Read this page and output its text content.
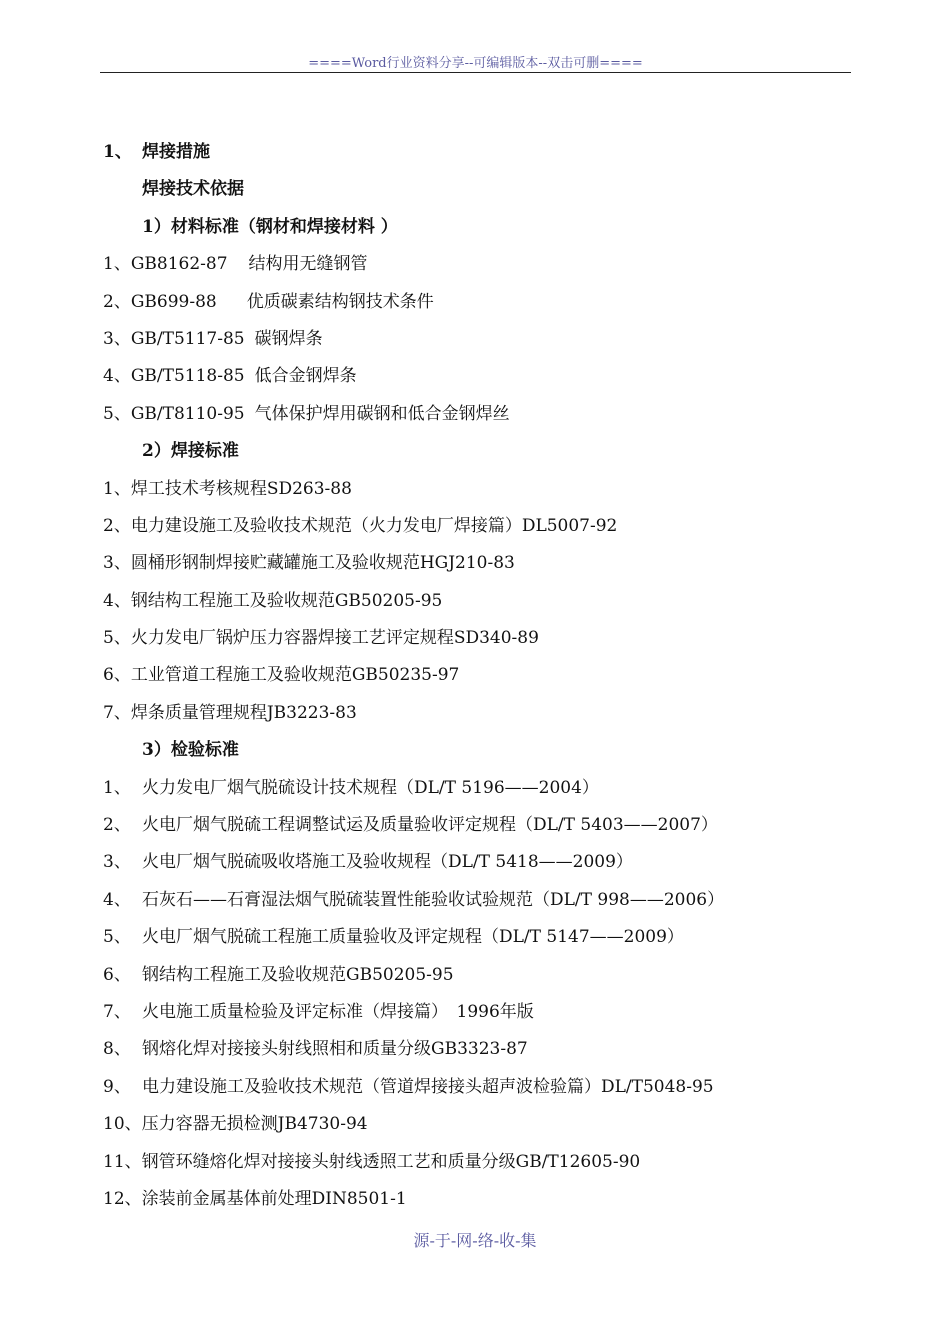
====Word行业资料分享--可编辑版本--双击可删====
1、 焊接措施
焊接技术依据
1）材料标准（钢材和焊接材料 ）
1、GB8162-87 结构用无缝钢管
2、GB699-88 优质碳素结构钢技术条件
3、GB/T5117-85 碳钢焊条
4、GB/T5118-85 低合金钢焊条
5、GB/T8110-95 气体保护焊用碳钢和低合金钢焊丝
2）焊接标准
1、焊工技术考核规程SD263-88
2、电力建设施工及验收技术规范（火力发电厂焊接篇）DL5007-92
3、圆桶形钢制焊接贮藏罐施工及验收规范HGJ210-83
4、钢结构工程施工及验收规范GB50205-95
5、火力发电厂锅炉压力容器焊接工艺评定规程SD340-89
6、工业管道工程施工及验收规范GB50235-97
7、焊条质量管理规程JB3223-83
3）检验标准
1、 火力发电厂烟气脱硫设计技术规程（DL/T 5196——2004）
2、 火电厂烟气脱硫工程调整试运及质量验收评定规程（DL/T 5403——2007）
3、 火电厂烟气脱硫吸收塔施工及验收规程（DL/T 5418——2009）
4、 石灰石——石膏湿法烟气脱硫装置性能验收试验规范（DL/T 998——2006）
5、 火电厂烟气脱硫工程施工质量验收及评定规程（DL/T 5147——2009）
6、 钢结构工程施工及验收规范GB50205-95
7、 火电施工质量检验及评定标准（焊接篇）　1996年版
8、 钢熔化焊对接接头射线照相和质量分级GB3323-87
9、 电力建设施工及验收技术规范（管道焊接接头超声波检验篇）DL/T5048-95
10、压力容器无损检测JB4730-94
11、钢管环缝熔化焊对接接头射线透照工艺和质量分级GB/T12605-90
12、涂装前金属基体前处理DIN8501-1
源-于-网-络-收-集
